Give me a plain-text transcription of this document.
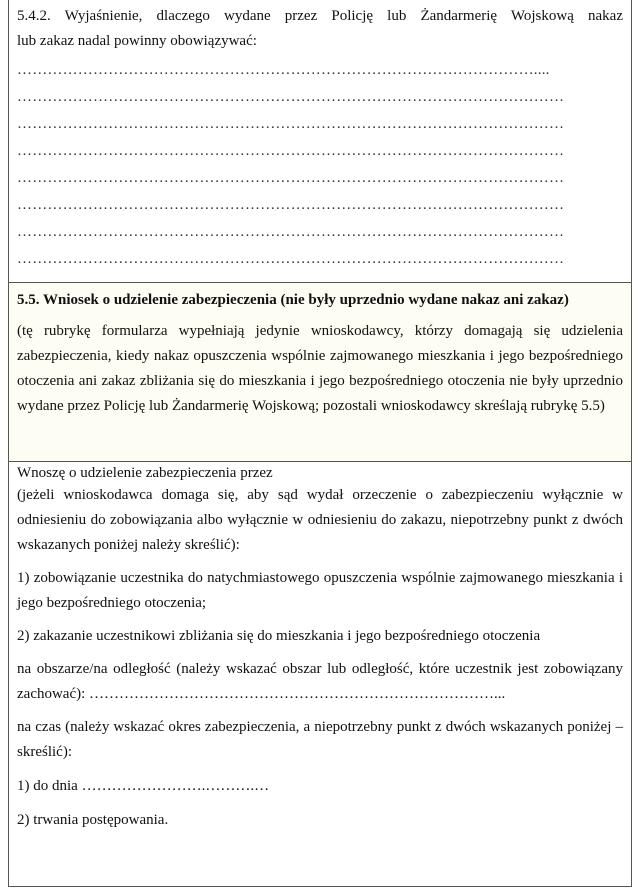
5.4.2. Wyjaśnienie, dlaczego wydane przez Policję lub Żandarmerię Wojskową nakaz

lub zakaz nadal powinny obowiązywać:

…………………………………………………………………………………………....
………………………………………………………………………………………………
………………………………………………………………………………………………
………………………………………………………………………………………………
………………………………………………………………………………………………
………………………………………………………………………………………………
………………………………………………………………………………………………
………………………………………………………………………………………………
5.5. Wniosek o udzielenie zabezpieczenia (nie były uprzednio wydane nakaz ani zakaz)

(tę rubrykę formularza wypełniają jedynie wnioskodawcy, którzy domagają się udzielenia zabezpieczenia, kiedy nakaz opuszczenia wspólnie zajmowanego mieszkania i jego bezpośredniego otoczenia ani zakaz zbliżania się do mieszkania i jego bezpośredniego otoczenia nie były uprzednio wydane przez Policję lub Żandarmerię Wojskową; pozostali wnioskodawcy skreślają rubrykę 5.5)

Wnoszę o udzielenie zabezpieczenia przez

(jeżeli wnioskodawca domaga się, aby sąd wydał orzeczenie o zabezpieczeniu wyłącznie w odniesieniu do zobowiązania albo wyłącznie w odniesieniu do zakazu, niepotrzebny punkt z dwóch wskazanych poniżej należy skreślić):

1) zobowiązanie uczestnika do natychmiastowego opuszczenia wspólnie zajmowanego mieszkania i jego bezpośredniego otoczenia;

2) zakazanie uczestnikowi zbliżania się do mieszkania i jego bezpośredniego otoczenia

na obszarze/na odległość (należy wskazać obszar lub odległość, które uczestnik jest zobowiązany zachować): ………………………………………………………………………...

na czas (należy wskazać okres zabezpieczenia, a niepotrzebny punkt z dwóch wskazanych poniżej – skreślić):

1) do dnia …………………….……….…

2) trwania postępowania.
